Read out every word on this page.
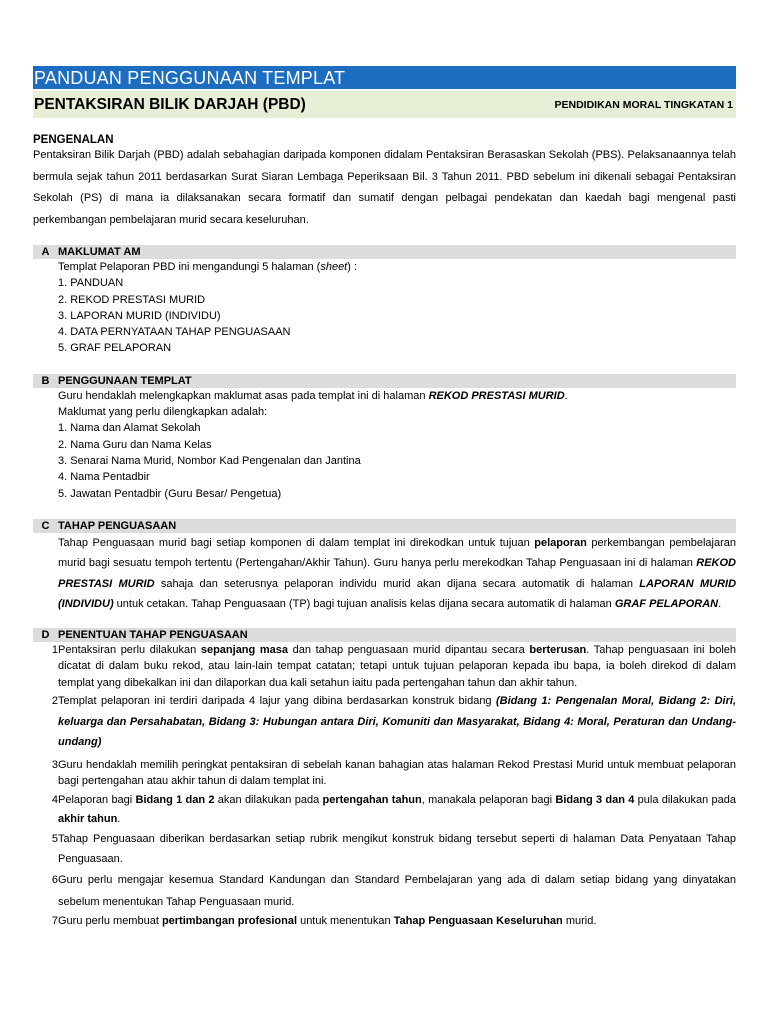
PANDUAN PENGGUNAAN TEMPLAT
PENTAKSIRAN BILIK DARJAH (PBD)	PENDIDIKAN MORAL TINGKATAN 1
PENGENALAN

Pentaksiran Bilik Darjah (PBD) adalah sebahagian daripada komponen didalam Pentaksiran Berasaskan Sekolah (PBS). Pelaksanaannya telah bermula sejak tahun 2011 berdasarkan Surat Siaran Lembaga Peperiksaan Bil. 3 Tahun 2011. PBD sebelum ini dikenali sebagai Pentaksiran Sekolah (PS) di mana ia dilaksanakan secara formatif dan sumatif dengan pelbagai pendekatan dan kaedah bagi mengenal pasti perkembangan pembelajaran murid secara keseluruhan.

A MAKLUMAT AM

Templat Pelaporan PBD ini mengandungi 5 halaman (sheet) :

1. PANDUAN

2. REKOD PRESTASI MURID

3. LAPORAN MURID (INDIVIDU)

4. DATA PERNYATAAN TAHAP PENGUASAAN

5. GRAF PELAPORAN

B PENGGUNAAN TEMPLAT

Guru hendaklah melengkapkan maklumat asas pada templat ini di halaman REKOD PRESTASI MURID.

Maklumat yang perlu dilengkapkan adalah:

1. Nama dan Alamat Sekolah

2. Nama Guru dan Nama Kelas

3. Senarai Nama Murid, Nombor Kad Pengenalan dan Jantina

4. Nama Pentadbir

5. Jawatan Pentadbir (Guru Besar/ Pengetua)

C TAHAP PENGUASAAN

Tahap Penguasaan murid bagi setiap komponen di dalam templat ini direkodkan untuk tujuan pelaporan perkembangan pembelajaran murid bagi sesuatu tempoh tertentu (Pertengahan/Akhir Tahun). Guru hanya perlu merekodkan Tahap Penguasaan ini di halaman REKOD PRESTASI MURID sahaja dan seterusnya pelaporan individu murid akan dijana secara automatik di halaman LAPORAN MURID (INDIVIDU) untuk cetakan. Tahap Penguasaan (TP) bagi tujuan analisis kelas dijana secara automatik di halaman GRAF PELAPORAN.

D PENENTUAN TAHAP PENGUASAAN
1 Pentaksiran perlu dilakukan sepanjang masa dan tahap penguasaan murid dipantau secara berterusan. Tahap penguasaan ini boleh dicatat di dalam buku rekod, atau lain-lain tempat catatan; tetapi untuk tujuan pelaporan kepada ibu bapa, ia boleh direkod di dalam templat yang dibekalkan ini dan dilaporkan dua kali setahun iaitu pada pertengahan tahun dan akhir tahun.
2 Templat pelaporan ini terdiri daripada 4 lajur yang dibina berdasarkan konstruk bidang (Bidang 1: Pengenalan Moral, Bidang 2: Diri, keluarga dan Persahabatan, Bidang 3: Hubungan antara Diri, Komuniti dan Masyarakat, Bidang 4: Moral, Peraturan dan Undang-undang)
3 Guru hendaklah memilih peringkat pentaksiran di sebelah kanan bahagian atas halaman Rekod Prestasi Murid untuk membuat pelaporan bagi pertengahan atau akhir tahun di dalam templat ini.
4 Pelaporan bagi Bidang 1 dan 2 akan dilakukan pada pertengahan tahun, manakala pelaporan bagi Bidang 3 dan 4 pula dilakukan pada akhir tahun.
5 Tahap Penguasaan diberikan berdasarkan setiap rubrik mengikut konstruk bidang tersebut seperti di halaman Data Penyataan Tahap Penguasaan.
6 Guru perlu mengajar kesemua Standard Kandungan dan Standard Pembelajaran yang ada di dalam setiap bidang yang dinyatakan sebelum menentukan Tahap Penguasaan murid.
7 Guru perlu membuat pertimbangan profesional untuk menentukan Tahap Penguasaan Keseluruhan murid.
